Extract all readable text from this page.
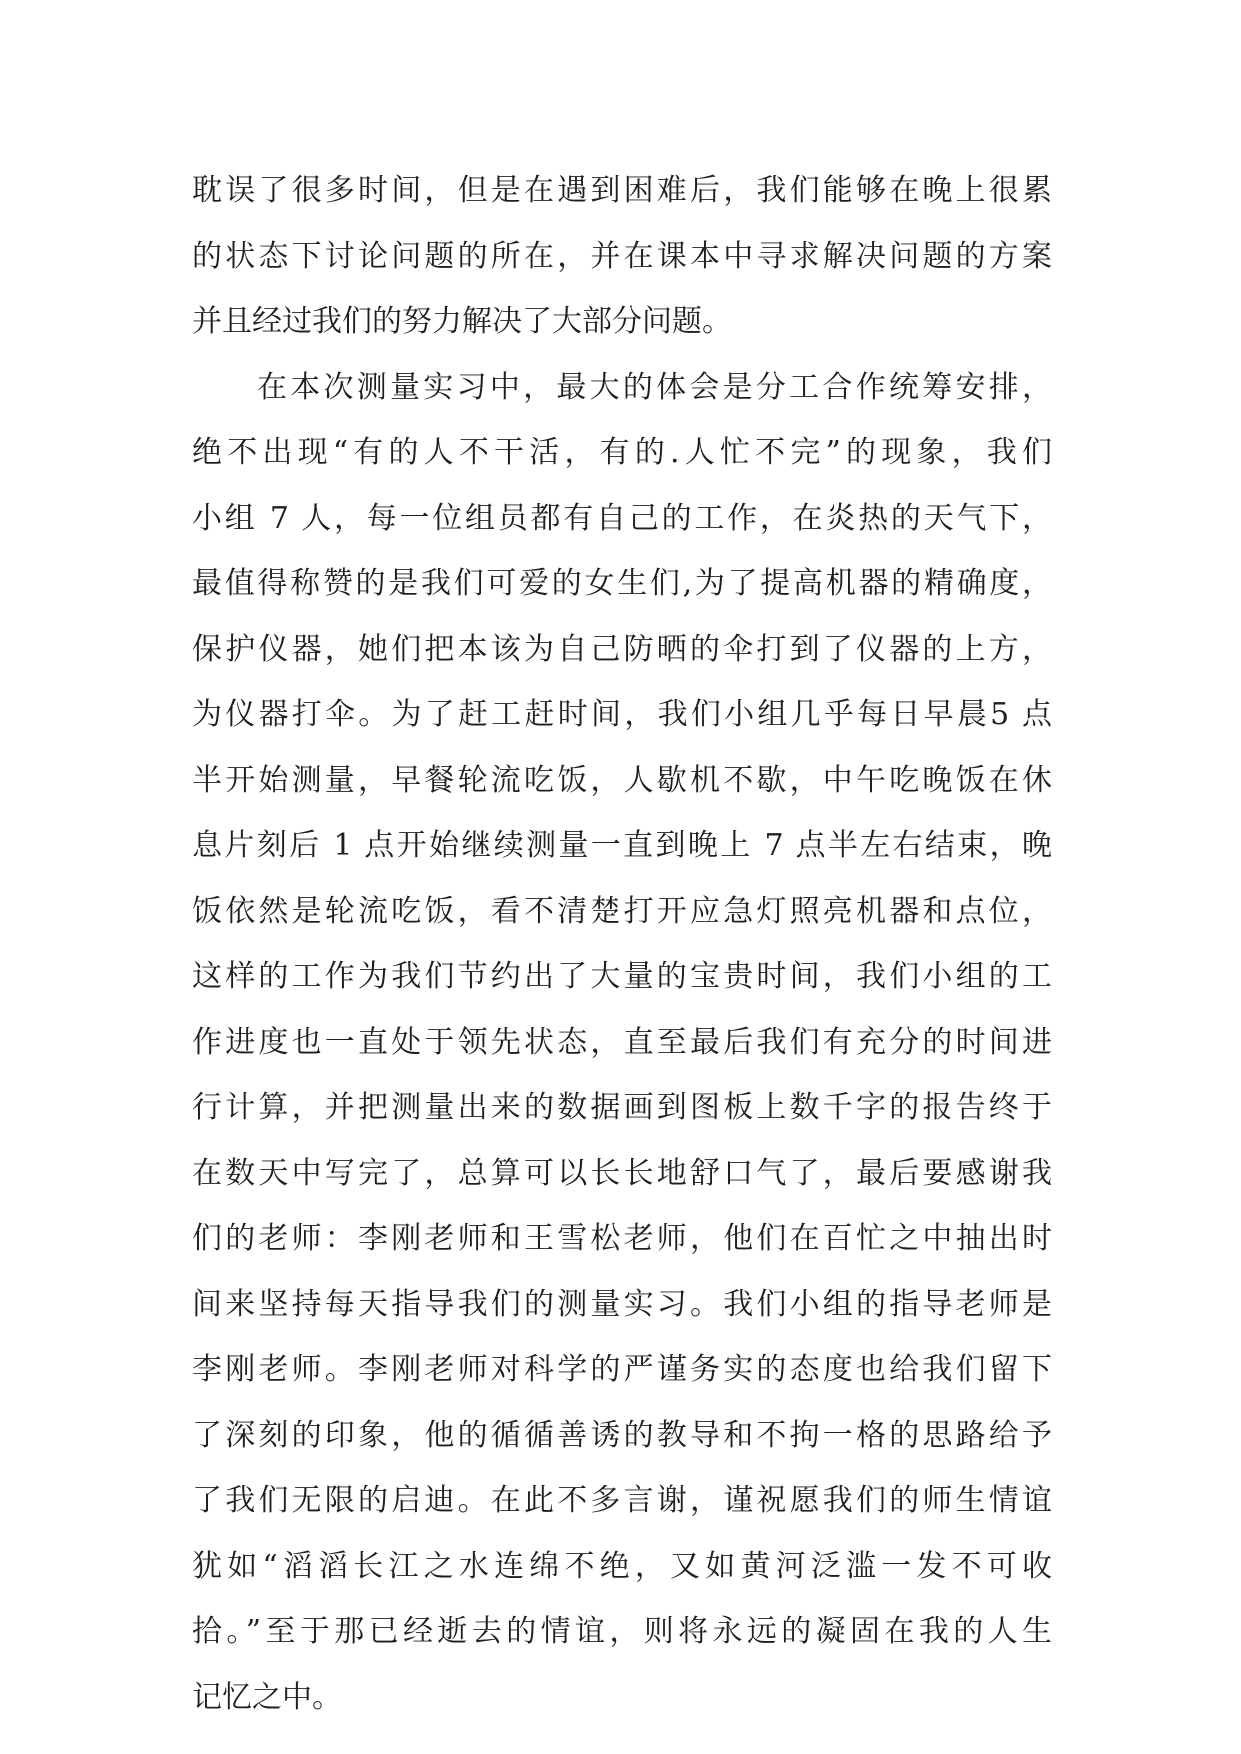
耽误了很多时间，但是在遇到困难后，我们能够在晚上很累
的状态下讨论问题的所在，并在课本中寻求解决问题的方案
并且经过我们的努力解决了大部分问题。
在本次测量实习中，最大的体会是分工合作统筹安排，
绝不出现“有的人不干活，有的.人忙不完”的现象，我们
小组 7 人，每一位组员都有自己的工作，在炎热的天气下，
最值得称赞的是我们可爱的女生们,为了提高机器的精确度，
保护仪器，她们把本该为自己防晒的伞打到了仪器的上方，
为仪器打伞。为了赶工赶时间，我们小组几乎每日早晨5 点
半开始测量，早餐轮流吃饭，人歇机不歇，中午吃晚饭在休
息片刻后 1 点开始继续测量一直到晚上 7 点半左右结束，晚
饭依然是轮流吃饭，看不清楚打开应急灯照亮机器和点位，
这样的工作为我们节约出了大量的宝贵时间，我们小组的工
作进度也一直处于领先状态，直至最后我们有充分的时间进
行计算，并把测量出来的数据画到图板上数千字的报告终于
在数天中写完了，总算可以长长地舒口气了，最后要感谢我
们的老师：李刚老师和王雪松老师，他们在百忙之中抽出时
间来坚持每天指导我们的测量实习。我们小组的指导老师是
李刚老师。李刚老师对科学的严谨务实的态度也给我们留下
了深刻的印象，他的循循善诱的教导和不拘一格的思路给予
了我们无限的启迪。在此不多言谢，谨祝愿我们的师生情谊
犹如“滔滔长江之水连绵不绝，又如黄河泛滥一发不可收
拾。”至于那已经逝去的情谊，则将永远的凝固在我的人生
记忆之中。
